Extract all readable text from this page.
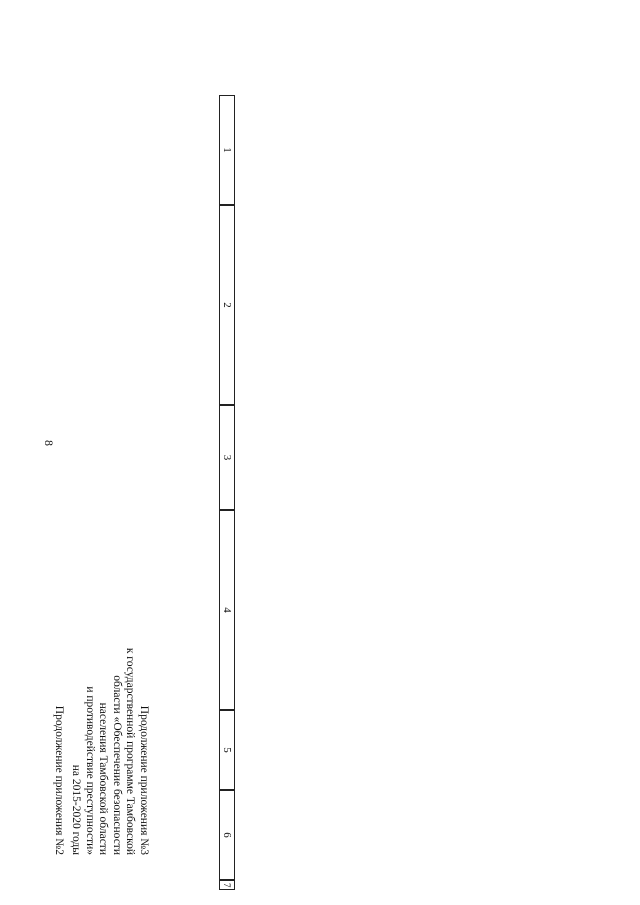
8
Продолжение приложения №2	Продолжение приложения №3
к государственной программе Тамбовской
области «Обеспечение безопасности
населения Тамбовской области
и противодействие преступности»
на 2015-2020 годы
1
2
3
4
5
6
7
